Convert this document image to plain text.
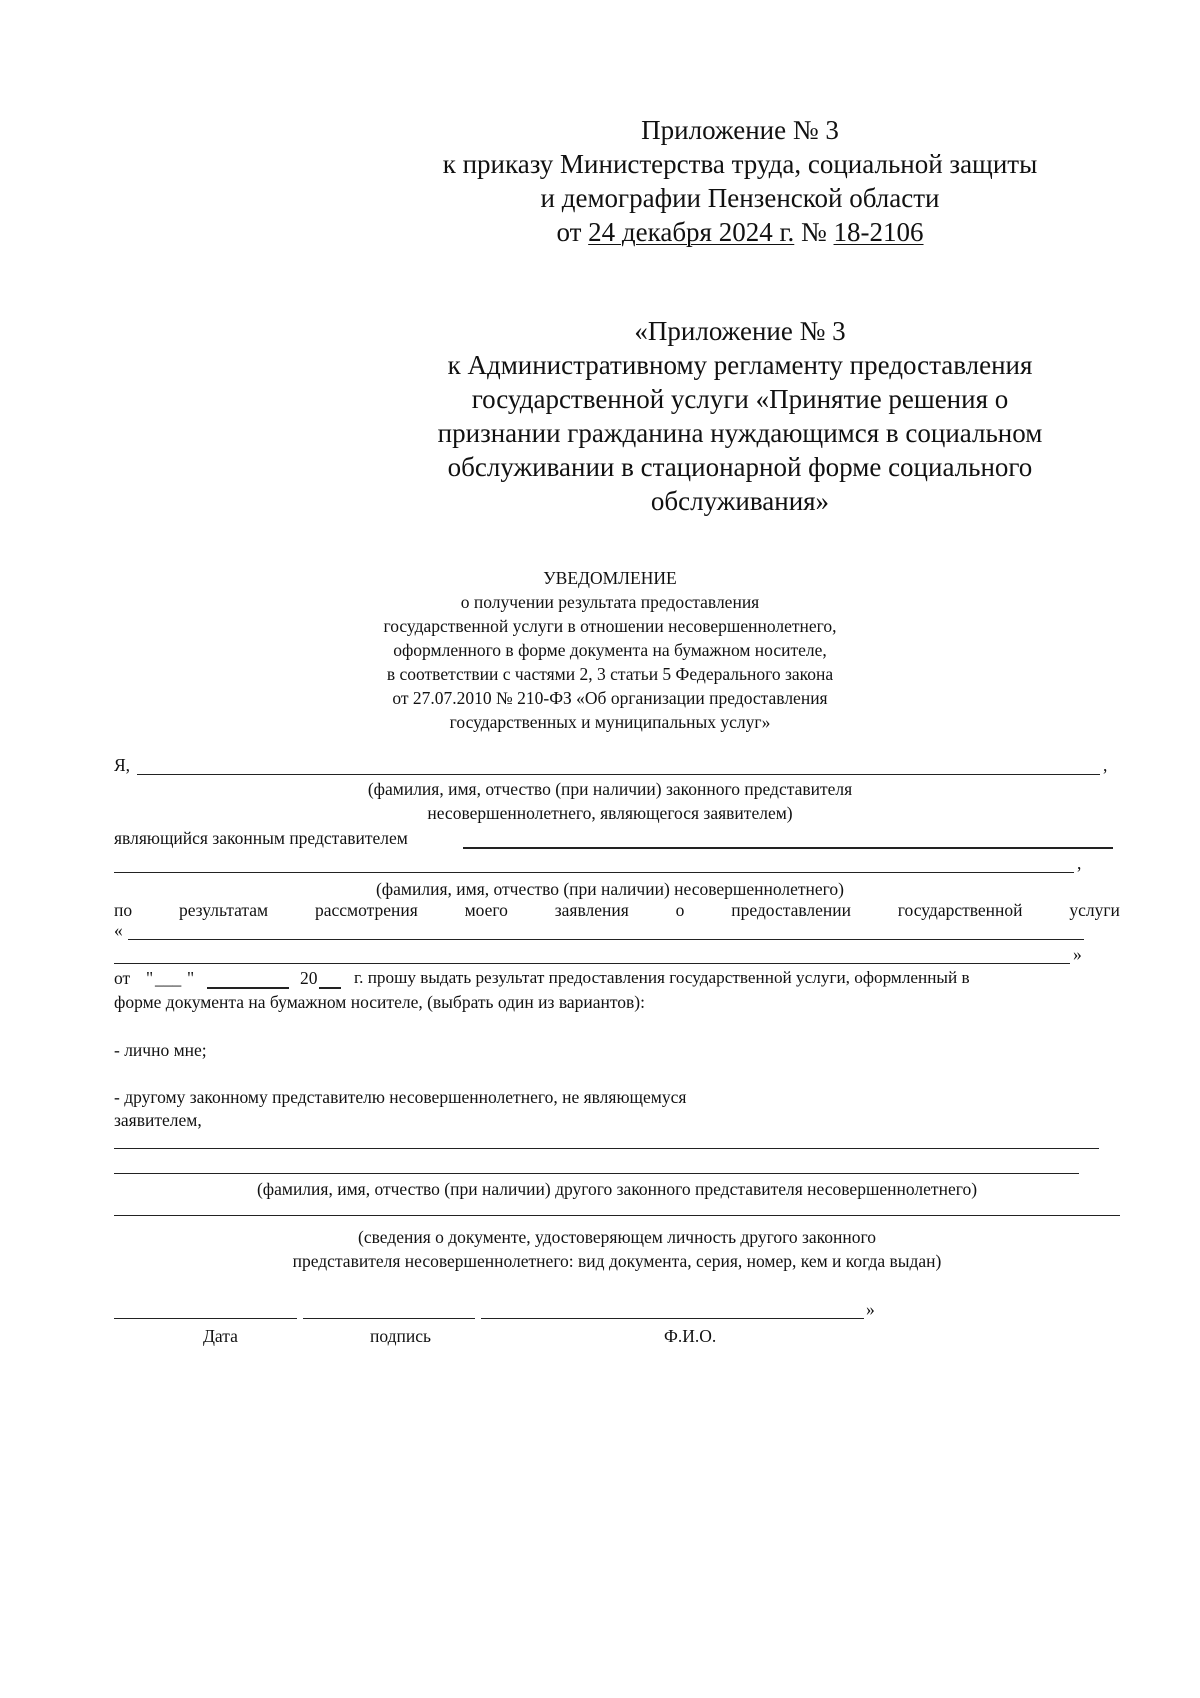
Приложение № 3
к приказу Министерства труда, социальной защиты
и демографии Пензенской области
от 24 декабря 2024 г. № 18-2106
«Приложение № 3
к Административному регламенту предоставления
государственной услуги «Принятие решения о
признании гражданина нуждающимся в социальном
обслуживании в стационарной форме социального
обслуживания»
УВЕДОМЛЕНИЕ
о получении результата предоставления
государственной услуги в отношении несовершеннолетнего,
оформленного в форме документа на бумажном носителе,
в соответствии с частями 2, 3 статьи 5 Федерального закона
от 27.07.2010 № 210-ФЗ «Об организации предоставления
государственных и муниципальных услуг»
Я,	,
(фамилия, имя, отчество (при наличии) законного представителя
несовершеннолетнего, являющегося заявителем)
являющийся законным представителем
,
(фамилия, имя, отчество (при наличии) несовершеннолетнего)
по	результатам	рассмотрения	моего	заявления	о	предоставлении	государственной	услуги
«
»
от " ___ "	20 г. прошу выдать результат предоставления государственной услуги, оформленный в
форме документа на бумажном носителе, (выбрать один из вариантов):
- лично мне;
- другому законному представителю несовершеннолетнего, не являющемуся
заявителем,
(фамилия, имя, отчество (при наличии) другого законного представителя несовершеннолетнего)
(сведения о документе, удостоверяющем личность другого законного
представителя несовершеннолетнего: вид документа, серия, номер, кем и когда выдан)
»
Дата	подпись	Ф.И.О.
